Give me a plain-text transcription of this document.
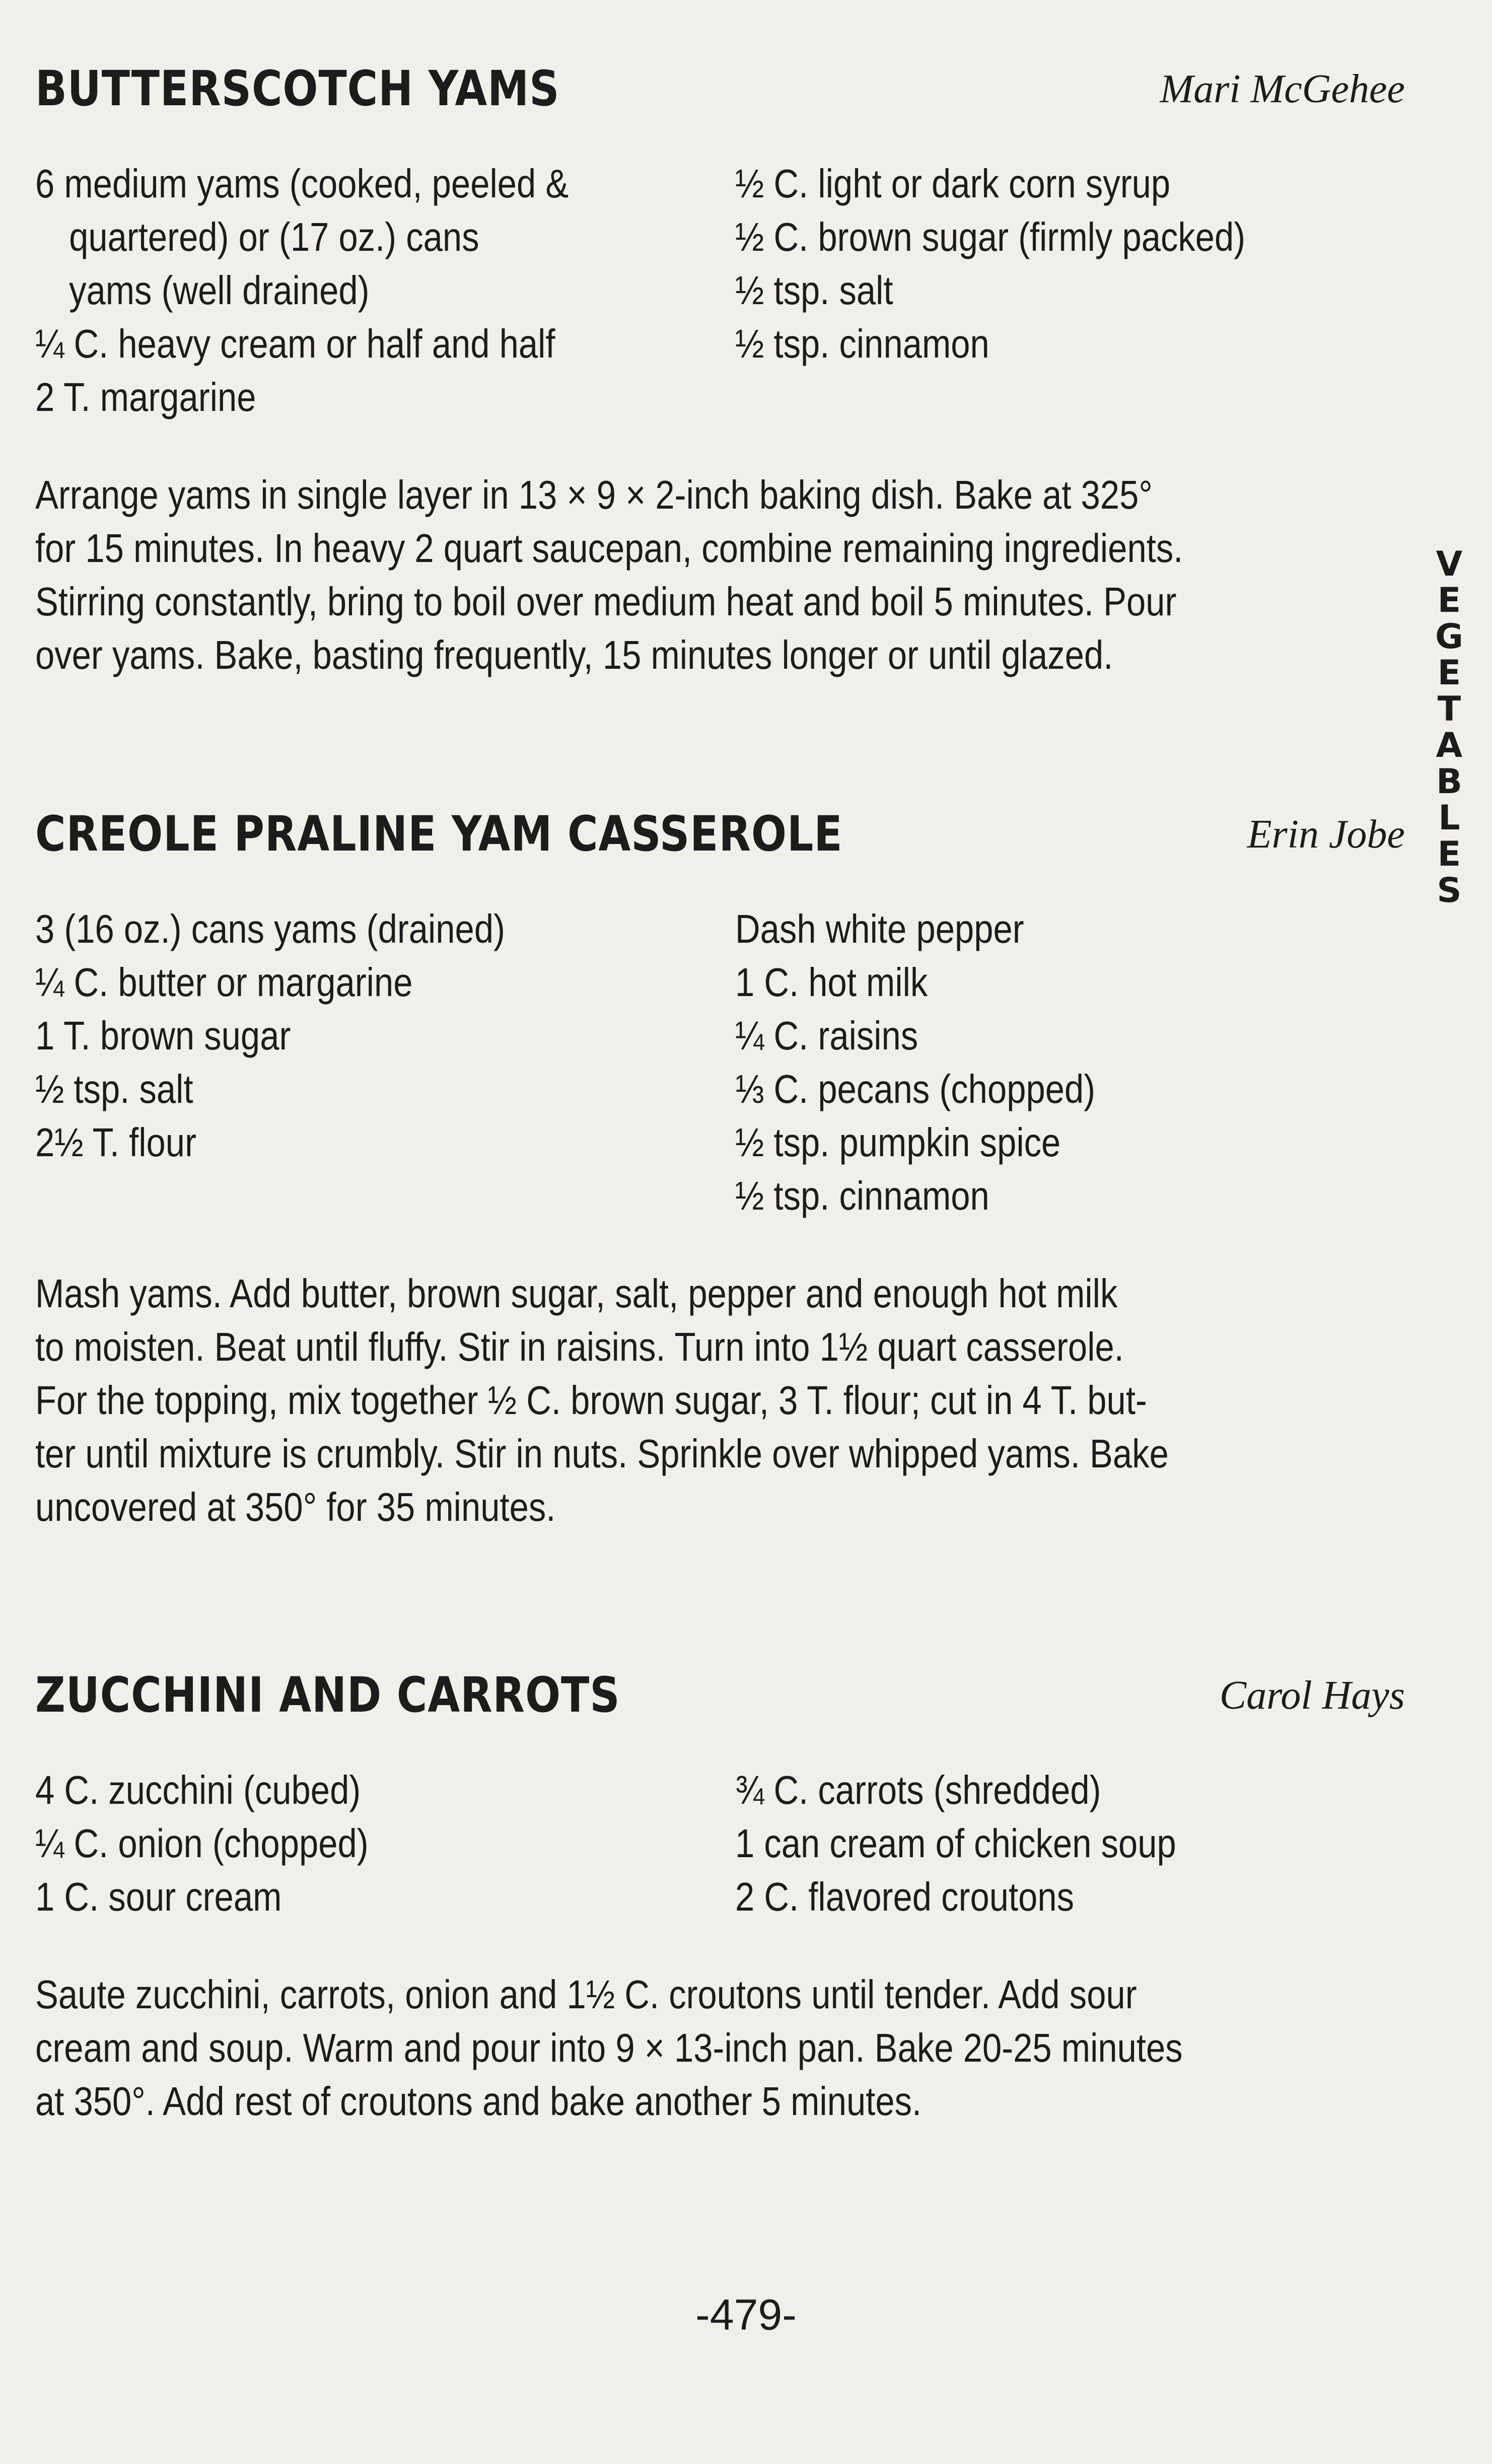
BUTTERSCOTCH YAMS	Mari McGehee
6 medium yams (cooked, peeled &
quartered) or (17 oz.) cans
yams (well drained)
¼ C. heavy cream or half and half
2 T. margarine
½ C. light or dark corn syrup
½ C. brown sugar (firmly packed)
½ tsp. salt
½ tsp. cinnamon
Arrange yams in single layer in 13 × 9 × 2-inch baking dish. Bake at 325°
for 15 minutes. In heavy 2 quart saucepan, combine remaining ingredients.
Stirring constantly, bring to boil over medium heat and boil 5 minutes. Pour
over yams. Bake, basting frequently, 15 minutes longer or until glazed.
CREOLE PRALINE YAM CASSEROLE	Erin Jobe
3 (16 oz.) cans yams (drained)
¼ C. butter or margarine
1 T. brown sugar
½ tsp. salt
2½ T. flour
Dash white pepper
1 C. hot milk
¼ C. raisins
⅓ C. pecans (chopped)
½ tsp. pumpkin spice
½ tsp. cinnamon
Mash yams. Add butter, brown sugar, salt, pepper and enough hot milk
to moisten. Beat until fluffy. Stir in raisins. Turn into 1½ quart casserole.
For the topping, mix together ½ C. brown sugar, 3 T. flour; cut in 4 T. but-
ter until mixture is crumbly. Stir in nuts. Sprinkle over whipped yams. Bake
uncovered at 350° for 35 minutes.
ZUCCHINI AND CARROTS	Carol Hays
4 C. zucchini (cubed)
¼ C. onion (chopped)
1 C. sour cream
¾ C. carrots (shredded)
1 can cream of chicken soup
2 C. flavored croutons
Saute zucchini, carrots, onion and 1½ C. croutons until tender. Add sour
cream and soup. Warm and pour into 9 × 13-inch pan. Bake 20-25 minutes
at 350°. Add rest of croutons and bake another 5 minutes.
V
E
G
E
T
A
B
L
E
S
-479-
